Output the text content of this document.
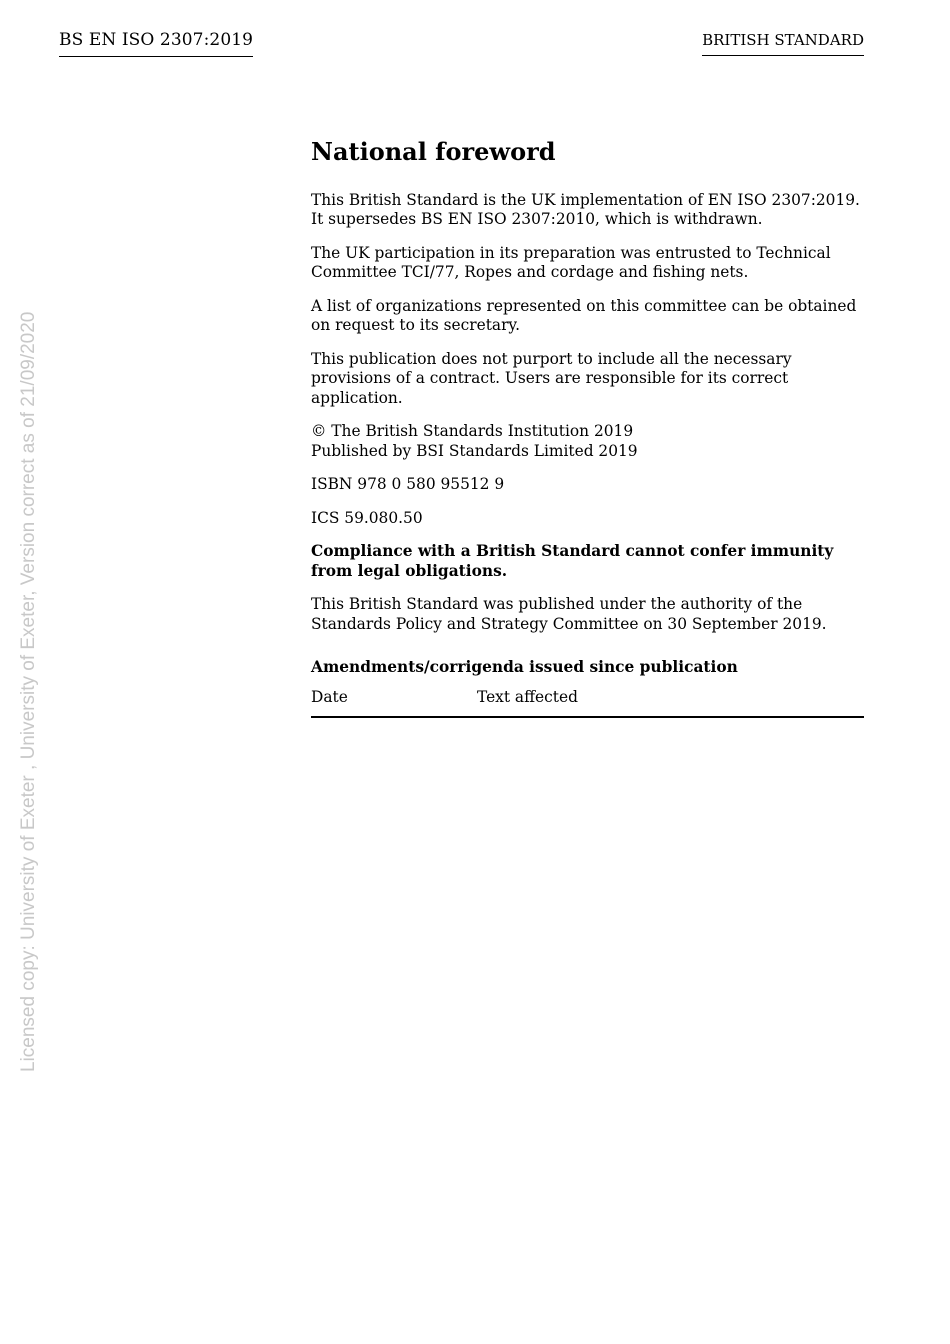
BS EN ISO 2307:2019	BRITISH STANDARD
Licensed copy: University of Exeter , University of Exeter, Version correct as of 21/09/2020
National foreword

This British Standard is the UK implementation of EN ISO 2307:2019. It supersedes BS EN ISO 2307:2010, which is withdrawn.

The UK participation in its preparation was entrusted to Technical Committee TCI/77, Ropes and cordage and fishing nets.

A list of organizations represented on this committee can be obtained on request to its secretary.

This publication does not purport to include all the necessary provisions of a contract. Users are responsible for its correct application.

© The British Standards Institution 2019
Published by BSI Standards Limited 2019

ISBN 978 0 580 95512 9

ICS 59.080.50

Compliance with a British Standard cannot confer immunity from legal obligations.

This British Standard was published under the authority of the Standards Policy and Strategy Committee on 30 September 2019.

Amendments/corrigenda issued since publication
Date	Text affected
